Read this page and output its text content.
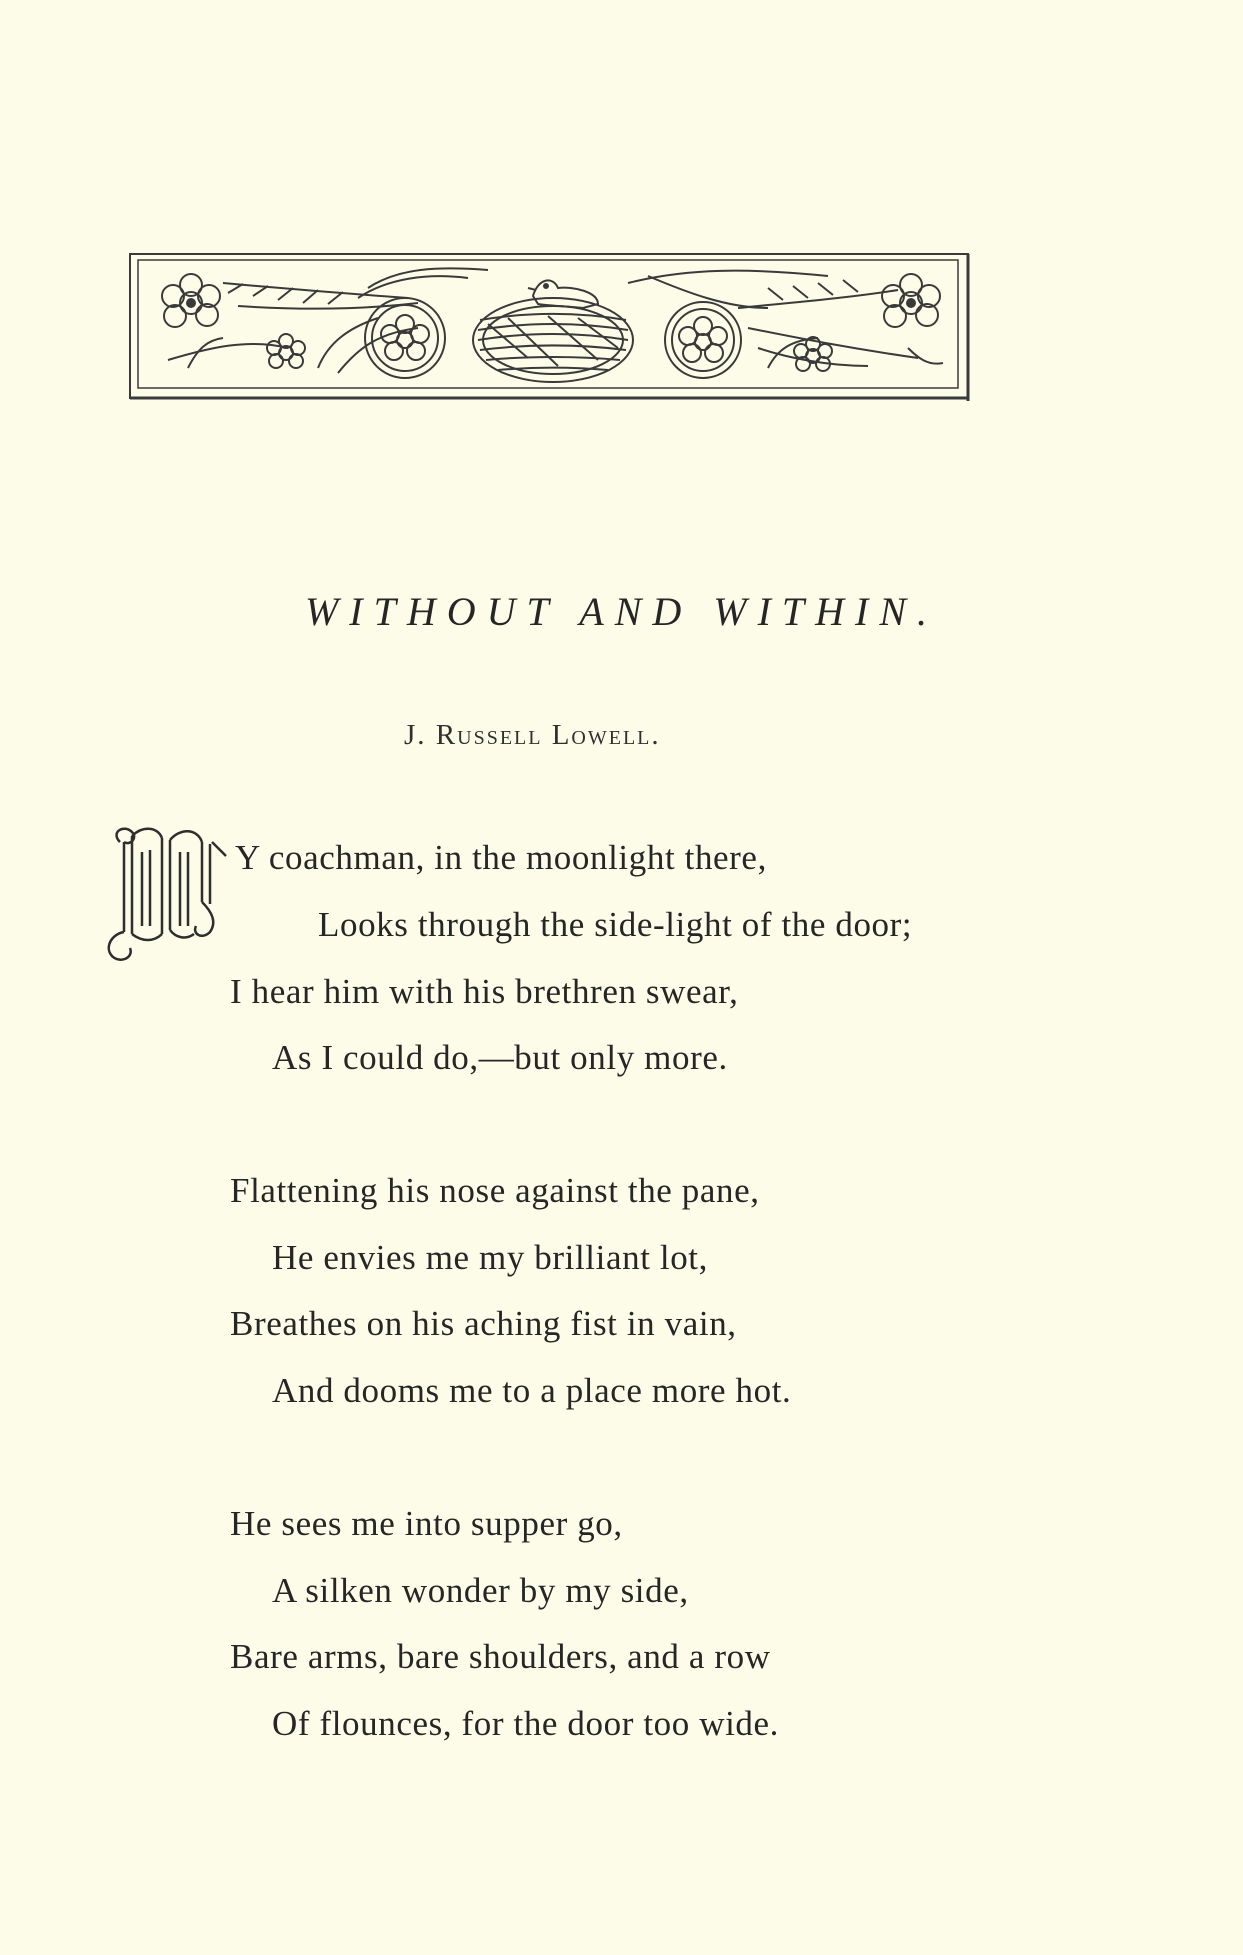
WITHOUT AND WITHIN.
J. Russell Lowell.
Y coachman, in the moonlight there,
Looks through the side-light of the door;
I hear him with his brethren swear,
As I could do,—but only more.
Flattening his nose against the pane,
He envies me my brilliant lot,
Breathes on his aching fist in vain,
And dooms me to a place more hot.
He sees me into supper go,
A silken wonder by my side,
Bare arms, bare shoulders, and a row
Of flounces, for the door too wide.
